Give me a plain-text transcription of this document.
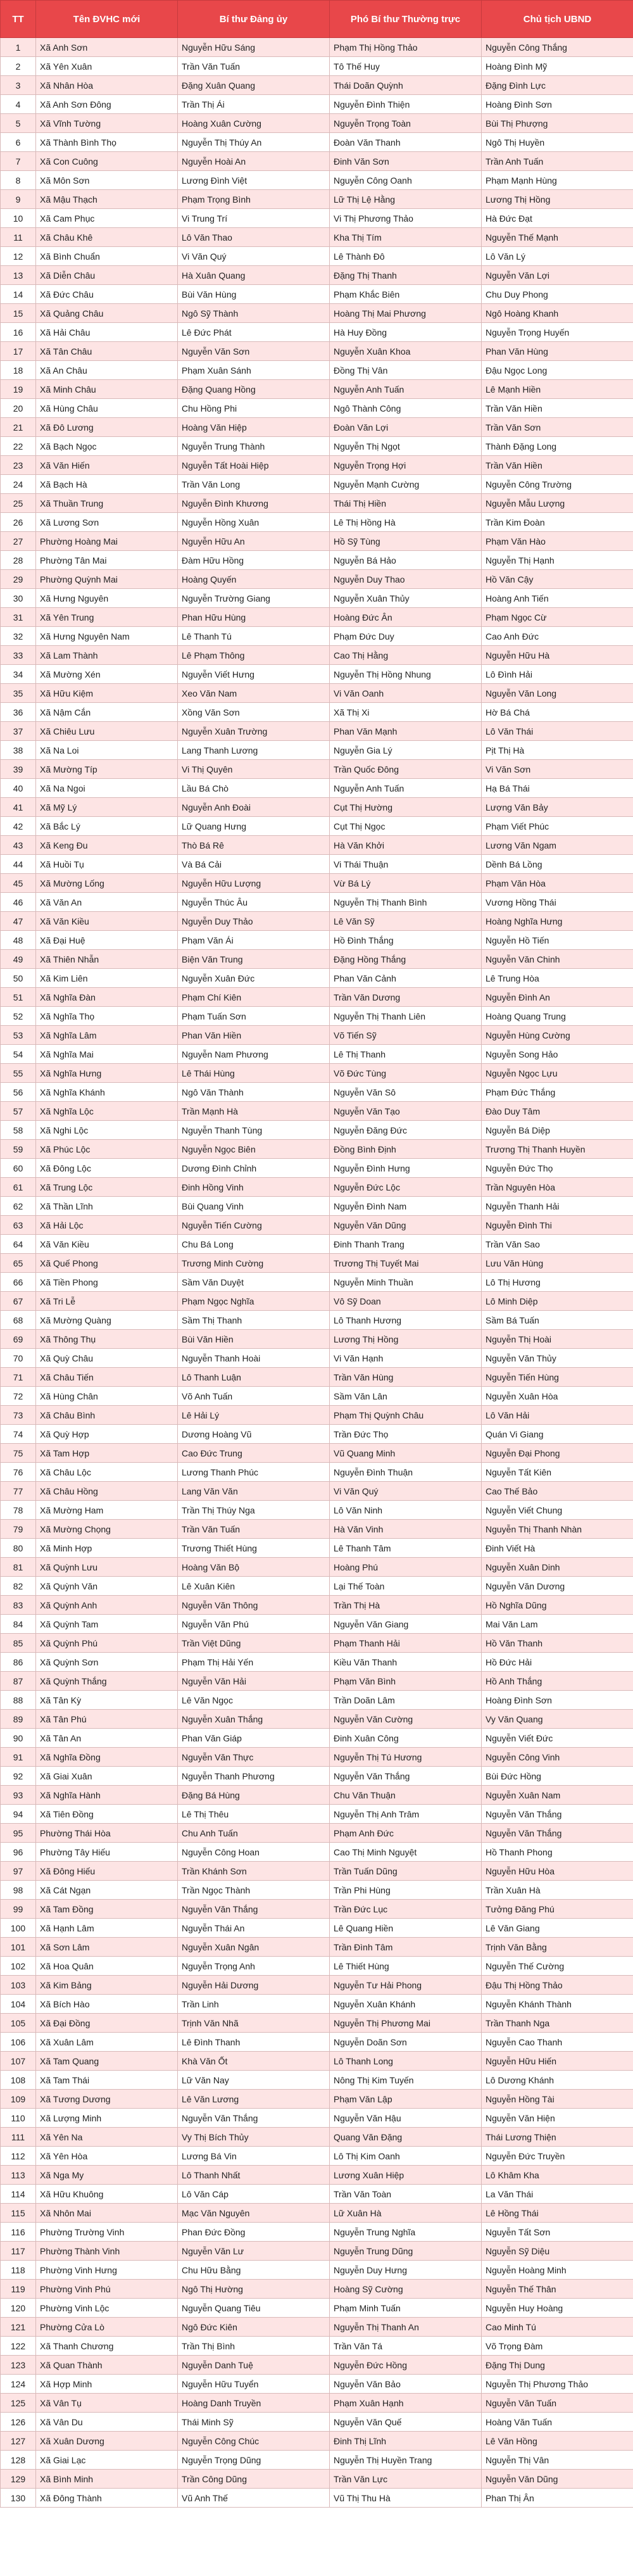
TT	Tên ĐVHC mới	Bí thư Đảng ủy	Phó Bí thư Thường trực	Chủ tịch UBND
1	Xã Anh Sơn	Nguyễn Hữu Sáng	Phạm Thị Hồng Thảo	Nguyễn Công Thắng
2	Xã Yên Xuân	Trần Văn Tuấn	Tô Thế Huy	Hoàng Đình Mỹ
3	Xã Nhân Hòa	Đặng Xuân Quang	Thái Doãn Quỳnh	Đặng Đình Lực
4	Xã Anh Sơn Đông	Trần Thị Ái	Nguyễn Đình Thiện	Hoàng Đình Sơn
5	Xã Vĩnh Tường	Hoàng Xuân Cường	Nguyễn Trọng Toàn	Bùi Thị Phượng
6	Xã Thành Bình Thọ	Nguyễn Thị Thúy An	Đoàn Văn Thanh	Ngô Thị Huyền
7	Xã Con Cuông	Nguyễn Hoài An	Đinh Văn Sơn	Trần Anh Tuấn
8	Xã Môn Sơn	Lương Đình Việt	Nguyễn Công Oanh	Phạm Mạnh Hùng
9	Xã Mậu Thạch	Phạm Trọng Bình	Lữ Thị Lệ Hằng	Lương Thị Hồng
10	Xã Cam Phục	Vi Trung Trí	Vi Thị Phương Thảo	Hà Đức Đạt
11	Xã Châu Khê	Lô Văn Thao	Kha Thị Tím	Nguyễn Thế Mạnh
12	Xã Bình Chuẩn	Vi Văn Quý	Lê Thành Đô	Lô Văn Lý
13	Xã Diễn Châu	Hà Xuân Quang	Đặng Thị Thanh	Nguyễn Văn Lợi
14	Xã Đức Châu	Bùi Văn Hùng	Phạm Khắc Biên	Chu Duy Phong
15	Xã Quảng Châu	Ngô Sỹ Thành	Hoàng Thị Mai Phương	Ngô Hoàng Khanh
16	Xã Hải Châu	Lê Đức Phát	Hà Huy Đồng	Nguyễn Trọng Huyến
17	Xã Tân Châu	Nguyễn Văn Sơn	Nguyễn Xuân Khoa	Phan Văn Hùng
18	Xã An Châu	Phạm Xuân Sánh	Đồng Thị Vân	Đậu Ngọc Long
19	Xã Minh Châu	Đặng Quang Hồng	Nguyễn Anh Tuấn	Lê Mạnh Hiền
20	Xã Hùng Châu	Chu Hồng Phi	Ngô Thành Công	Trần Văn Hiền
21	Xã Đô Lương	Hoàng Văn Hiệp	Đoàn Văn Lợi	Trần Văn Sơn
22	Xã Bạch Ngọc	Nguyễn Trung Thành	Nguyễn Thị Ngọt	Thành Đặng Long
23	Xã Văn Hiến	Nguyễn Tất Hoài Hiệp	Nguyễn Trọng Hợi	Trần Văn Hiền
24	Xã Bạch Hà	Trần Văn Long	Nguyễn Mạnh Cường	Nguyễn Công Trường
25	Xã Thuần Trung	Nguyễn Đình Khương	Thái Thị Hiền	Nguyễn Mẫu Lượng
26	Xã Lương Sơn	Nguyễn Hồng Xuân	Lê Thị Hồng Hà	Trần Kim Đoàn
27	Phường Hoàng Mai	Nguyễn Hữu An	Hồ Sỹ Tùng	Phạm Văn Hào
28	Phường Tân Mai	Đàm Hữu Hồng	Nguyễn Bá Hảo	Nguyễn Thị Hạnh
29	Phường Quỳnh Mai	Hoàng Quyến	Nguyễn Duy Thao	Hồ Văn Cậy
30	Xã Hưng Nguyên	Nguyễn Trường Giang	Nguyễn Xuân Thủy	Hoàng Anh Tiến
31	Xã Yên Trung	Phan Hữu Hùng	Hoàng Đức Ân	Phạm Ngọc Cừ
32	Xã Hưng Nguyên Nam	Lê Thanh Tú	Phạm Đức Duy	Cao Anh Đức
33	Xã Lam Thành	Lê Phạm Thông	Cao Thị Hằng	Nguyễn Hữu Hà
34	Xã Mường Xén	Nguyễn Viết Hưng	Nguyễn Thị Hồng Nhung	Lô Đình Hải
35	Xã Hữu Kiệm	Xeo Văn Nam	Vi Văn Oanh	Nguyễn Văn Long
36	Xã Nậm Cắn	Xồng Văn Sơn	Xã Thị Xi	Hờ Bá Chá
37	Xã Chiêu Lưu	Nguyễn Xuân Trường	Phan Văn Mạnh	Lô Văn Thái
38	Xã Na Loi	Lang Thanh Lương	Nguyễn Gia Lý	Pịt Thị Hà
39	Xã Mường Típ	Vi Thị Quyên	Trần Quốc Đông	Vi Văn Sơn
40	Xã Na Ngoi	Lầu Bá Chò	Nguyễn Anh Tuấn	Hạ Bá Thái
41	Xã Mỹ Lý	Nguyễn Anh Đoài	Cụt Thị Hường	Lượng Văn Bảy
42	Xã Bắc Lý	Lữ Quang Hưng	Cụt Thị Ngọc	Phạm Viết Phúc
43	Xã Keng Đu	Thò Bá Rê	Hà Văn Khởi	Lương Văn Ngam
44	Xã Huồi Tụ	Và Bá Cải	Vi Thái Thuận	Dềnh Bá Lồng
45	Xã Mường Lống	Nguyễn Hữu Lượng	Vừ Bá Lý	Phạm Văn Hòa
46	Xã Văn An	Nguyễn Thúc Âu	Nguyễn Thị Thanh Bình	Vương Hồng Thái
47	Xã Văn Kiều	Nguyễn Duy Thảo	Lê Văn Sỹ	Hoàng Nghĩa Hưng
48	Xã Đại Huệ	Phạm Văn Ái	Hồ Đình Thắng	Nguyễn Hồ Tiến
49	Xã Thiên Nhẫn	Biện Văn Trung	Đặng Hồng Thắng	Nguyễn Văn Chinh
50	Xã Kim Liên	Nguyễn Xuân Đức	Phan Văn Cảnh	Lê Trung Hòa
51	Xã Nghĩa Đàn	Phạm Chí Kiên	Trần Văn Dương	Nguyễn Đình An
52	Xã Nghĩa Thọ	Phạm Tuấn Sơn	Nguyễn Thị Thanh Liên	Hoàng Quang Trung
53	Xã Nghĩa Lâm	Phan Văn Hiền	Võ Tiến Sỹ	Nguyễn Hùng Cường
54	Xã Nghĩa Mai	Nguyễn Nam Phương	Lê Thị Thanh	Nguyễn Song Hảo
55	Xã Nghĩa Hưng	Lê Thái Hùng	Võ Đức Tùng	Nguyễn Ngọc Lựu
56	Xã Nghĩa Khánh	Ngô Văn Thành	Nguyễn Văn Sô	Phạm Đức Thắng
57	Xã Nghĩa Lộc	Trần Mạnh Hà	Nguyễn Văn Tạo	Đào Duy Tâm
58	Xã Nghi Lộc	Nguyễn Thanh Tùng	Nguyễn Đăng Đức	Nguyễn Bá Diệp
59	Xã Phúc Lộc	Nguyễn Ngọc Biên	Đồng Bình Định	Trương Thị Thanh Huyền
60	Xã Đông Lộc	Dương Đình Chỉnh	Nguyễn Đình Hưng	Nguyễn Đức Thọ
61	Xã Trung Lộc	Đinh Hồng Vinh	Nguyễn Đức Lộc	Trần Nguyên Hòa
62	Xã Thần Lĩnh	Bùi Quang Vinh	Nguyễn Đình Nam	Nguyễn Thanh Hải
63	Xã Hải Lộc	Nguyễn Tiến Cường	Nguyễn Văn Dũng	Nguyễn Đình Thi
64	Xã Văn Kiều	Chu Bá Long	Đinh Thanh Trang	Trần Văn Sao
65	Xã Quế Phong	Trương Minh Cường	Trương Thị Tuyết Mai	Lưu Văn Hùng
66	Xã Tiền Phong	Sầm Văn Duyệt	Nguyễn Minh Thuần	Lô Thị Hương
67	Xã Tri Lễ	Phạm Ngọc Nghĩa	Vô Sỹ Doan	Lô Minh Diệp
68	Xã Mường Quàng	Sầm Thị Thanh	Lô Thanh Hương	Sầm Bá Tuấn
69	Xã Thông Thụ	Bùi Văn Hiền	Lương Thị Hồng	Nguyễn Thị Hoài
70	Xã Quỳ Châu	Nguyễn Thanh Hoài	Vi Văn Hạnh	Nguyễn Văn Thủy
71	Xã Châu Tiến	Lô Thanh Luận	Trần Văn Hùng	Nguyễn Tiến Hùng
72	Xã Hùng Chân	Võ Anh Tuấn	Sầm Văn Lân	Nguyễn Xuân Hòa
73	Xã Châu Bình	Lê Hải Lý	Phạm Thị Quỳnh Châu	Lô Văn Hải
74	Xã Quỳ Hợp	Dương Hoàng Vũ	Trần Đức Thọ	Quán Vi Giang
75	Xã Tam Hợp	Cao Đức Trung	Vũ Quang Minh	Nguyễn Đại Phong
76	Xã Châu Lộc	Lương Thanh Phúc	Nguyễn Đình Thuận	Nguyễn Tất Kiên
77	Xã Châu Hồng	Lang Văn Văn	Vi Văn Quý	Cao Thế Bảo
78	Xã Mường Ham	Trần Thị Thúy Nga	Lô Văn Ninh	Nguyễn Viết Chung
79	Xã Mường Chọng	Trần Văn Tuấn	Hà Văn Vinh	Nguyễn Thị Thanh Nhàn
80	Xã Minh Hợp	Trương Thiết Hùng	Lê Thanh Tâm	Đinh Viết Hà
81	Xã Quỳnh Lưu	Hoàng Văn Bộ	Hoàng Phú	Nguyễn Xuân Dinh
82	Xã Quỳnh Văn	Lê Xuân Kiên	Lại Thế Toàn	Nguyễn Văn Dương
83	Xã Quỳnh Anh	Nguyễn Văn Thông	Trần Thị Hà	Hồ Nghĩa Dũng
84	Xã Quỳnh Tam	Nguyễn Văn Phú	Nguyễn Văn Giang	Mai Văn Lam
85	Xã Quỳnh Phú	Trần Việt Dũng	Phạm Thanh Hải	Hồ Văn Thanh
86	Xã Quỳnh Sơn	Phạm Thị Hải Yến	Kiều Văn Thanh	Hồ Đức Hải
87	Xã Quỳnh Thắng	Nguyễn Văn Hải	Phạm Văn Bình	Hồ Anh Thắng
88	Xã Tân Kỳ	Lê Văn Ngọc	Trần Doãn Lâm	Hoàng Đình Sơn
89	Xã Tân Phú	Nguyễn Xuân Thắng	Nguyễn Văn Cường	Vy Văn Quang
90	Xã Tân An	Phan Văn Giáp	Đinh Xuân Công	Nguyễn Viết Đức
91	Xã Nghĩa Đồng	Nguyễn Văn Thực	Nguyễn Thị Tú Hương	Nguyễn Công Vinh
92	Xã Giai Xuân	Nguyễn Thanh Phương	Nguyễn Văn Thắng	Bùi Đức Hồng
93	Xã Nghĩa Hành	Đặng Bá Hùng	Chu Văn Thuận	Nguyễn Xuân Nam
94	Xã Tiên Đồng	Lê Thị Thêu	Nguyễn Thị Anh Trâm	Nguyễn Văn Thắng
95	Phường Thái Hòa	Chu Anh Tuấn	Phạm Anh Đức	Nguyễn Văn Thắng
96	Phường Tây Hiếu	Nguyễn Công Hoan	Cao Thị Minh Nguyệt	Hồ Thanh Phong
97	Xã Đông Hiếu	Trần Khánh Sơn	Trần Tuấn Dũng	Nguyễn Hữu Hòa
98	Xã Cát Ngạn	Trần Ngọc Thành	Trần Phi Hùng	Trần Xuân Hà
99	Xã Tam Đồng	Nguyễn Văn Thắng	Trần Đức Lục	Tưởng Đăng Phú
100	Xã Hạnh Lâm	Nguyễn Thái An	Lê Quang Hiền	Lê Văn Giang
101	Xã Sơn Lâm	Nguyễn Xuân Ngân	Trần Đình Tâm	Trịnh Văn Bằng
102	Xã Hoa Quân	Nguyễn Trọng Anh	Lê Thiết Hùng	Nguyễn Thế Cường
103	Xã Kim Bảng	Nguyễn Hải Dương	Nguyễn Tư Hải Phong	Đậu Thị Hồng Thảo
104	Xã Bích Hào	Trần Linh	Nguyễn Xuân Khánh	Nguyễn Khánh Thành
105	Xã Đại Đồng	Trịnh Văn Nhã	Nguyễn Thị Phương Mai	Trần Thanh Nga
106	Xã Xuân Lâm	Lê Đình Thanh	Nguyễn Doãn Sơn	Nguyễn Cao Thanh
107	Xã Tam Quang	Khà Văn Ốt	Lô Thanh Long	Nguyễn Hữu Hiến
108	Xã Tam Thái	Lữ Văn Nay	Nông Thị Kim Tuyến	Lô Dương Khánh
109	Xã Tương Dương	Lê Văn Lương	Phạm Văn Lập	Nguyễn Hồng Tài
110	Xã Lượng Minh	Nguyễn Văn Thắng	Nguyễn Văn Hậu	Nguyễn Văn Hiện
111	Xã Yên Na	Vy Thị Bích Thủy	Quang Văn Đặng	Thái Lương Thiện
112	Xã Yên Hòa	Lương Bá Vin	Lô Thị Kim Oanh	Nguyễn Đức Truyền
113	Xã Nga My	Lô Thanh Nhất	Lương Xuân Hiệp	Lô Khâm Kha
114	Xã Hữu Khuông	Lô Văn Cáp	Trần Văn Toàn	La Văn Thái
115	Xã Nhôn Mai	Mạc Văn Nguyên	Lữ Xuân Hà	Lê Hồng Thái
116	Phường Trường Vinh	Phan Đức Đồng	Nguyễn Trung Nghĩa	Nguyễn Tất Sơn
117	Phường Thành Vinh	Nguyễn Văn Lư	Nguyễn Trung Dũng	Nguyễn Sỹ Diệu
118	Phường Vinh Hưng	Chu Hữu Bằng	Nguyễn Duy Hưng	Nguyễn Hoàng Minh
119	Phường Vinh Phú	Ngô Thị Hường	Hoàng Sỹ Cường	Nguyễn Thế Thân
120	Phường Vinh Lộc	Nguyễn Quang Tiêu	Phạm Minh Tuấn	Nguyễn Huy Hoàng
121	Phường Cửa Lò	Ngô Đức Kiên	Nguyễn Thị Thanh An	Cao Minh Tú
122	Xã Thanh Chương	Trần Thị Bình	Trần Văn Tá	Võ Trọng Đàm
123	Xã Quan Thành	Nguyễn Danh Tuệ	Nguyễn Đức Hồng	Đặng Thị Dung
124	Xã Hợp Minh	Nguyễn Hữu Tuyển	Nguyễn Văn Bảo	Nguyễn Thị Phương Thảo
125	Xã Vân Tụ	Hoàng Danh Truyền	Phạm Xuân Hạnh	Nguyễn Văn Tuấn
126	Xã Vân Du	Thái Minh Sỹ	Nguyễn Văn Quế	Hoàng Văn Tuấn
127	Xã Xuân Dương	Nguyễn Công Chúc	Đinh Thị Lĩnh	Lê Văn Hồng
128	Xã Giai Lạc	Nguyễn Trọng Dũng	Nguyễn Thị Huyền Trang	Nguyễn Thị Vân
129	Xã Bình Minh	Trần Công Dũng	Trần Văn Lực	Nguyễn Văn Dũng
130	Xã Đông Thành	Vũ Anh Thế	Vũ Thị Thu Hà	Phan Thị Ân
